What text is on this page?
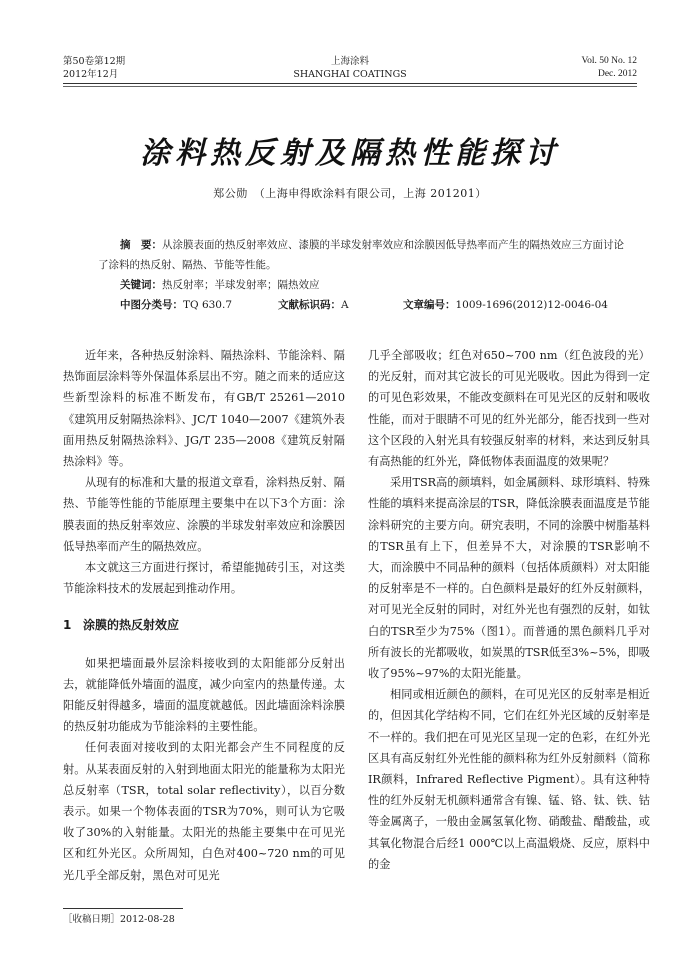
第50卷第12期
2012年12月
上海涂料
SHANGHAI COATINGS
Vol. 50 No. 12
Dec. 2012
涂料热反射及隔热性能探讨
郑公勋　（上海申得欧涂料有限公司，上海 201201）

摘　要：从涂膜表面的热反射率效应、漆膜的半球发射率效应和涂膜因低导热率而产生的隔热效应三方面讨论了涂料的热反射、隔热、节能等性能。

关键词：热反射率；半球发射率；隔热效应

中图分类号：TQ 630.7	文献标识码：A	文章编号：1009-1696(2012)12-0046-04

近年来，各种热反射涂料、隔热涂料、节能涂料、隔热饰面层涂料等外保温体系层出不穷。随之而来的适应这些新型涂料的标准不断发布，有GB/T 25261—2010《建筑用反射隔热涂料》、JC/T 1040—2007《建筑外表面用热反射隔热涂料》、JG/T 235—2008《建筑反射隔热涂料》等。

从现有的标准和大量的报道文章看，涂料热反射、隔热、节能等性能的节能原理主要集中在以下3个方面：涂膜表面的热反射率效应、涂膜的半球发射率效应和涂膜因低导热率而产生的隔热效应。

本文就这三方面进行探讨，希望能抛砖引玉，对这类节能涂料技术的发展起到推动作用。

1 涂膜的热反射效应

如果把墙面最外层涂料接收到的太阳能部分反射出去，就能降低外墙面的温度，减少向室内的热量传递。太阳能反射得越多，墙面的温度就越低。因此墙面涂料涂膜的热反射功能成为节能涂料的主要性能。

任何表面对接收到的太阳光都会产生不同程度的反射。从某表面反射的入射到地面太阳光的能量称为太阳光总反射率（TSR，total solar reflectivity），以百分数表示。如果一个物体表面的TSR为70%，则可认为它吸收了30%的入射能量。太阳光的热能主要集中在可见光区和红外光区。众所周知，白色对400~720 nm的可见光几乎全部反射，黑色对可见光

几乎全部吸收；红色对650~700 nm（红色波段的光）的光反射，而对其它波长的可见光吸收。因此为得到一定的可见色彩效果，不能改变颜料在可见光区的反射和吸收性能，而对于眼睛不可见的红外光部分，能否找到一些对这个区段的入射光具有较强反射率的材料，来达到反射具有高热能的红外光，降低物体表面温度的效果呢？

采用TSR高的颜填料，如金属颜料、球形填料、特殊性能的填料来提高涂层的TSR，降低涂膜表面温度是节能涂料研究的主要方向。研究表明，不同的涂膜中树脂基料的TSR虽有上下，但差异不大，对涂膜的TSR影响不大，而涂膜中不同品种的颜料（包括体质颜料）对太阳能的反射率是不一样的。白色颜料是最好的红外反射颜料，对可见光全反射的同时，对红外光也有强烈的反射，如钛白的TSR至少为75%（图1）。而普通的黑色颜料几乎对所有波长的光都吸收，如炭黑的TSR低至3%~5%，即吸收了95%~97%的太阳光能量。

相同或相近颜色的颜料，在可见光区的反射率是相近的，但因其化学结构不同，它们在红外光区域的反射率是不一样的。我们把在可见光区呈现一定的色彩，在红外光区具有高反射红外光性能的颜料称为红外反射颜料（简称IR颜料，Infrared Reflective Pigment）。具有这种特性的红外反射无机颜料通常含有镍、锰、铬、钛、铁、钴等金属离子，一般由金属氢氧化物、硝酸盐、醋酸盐，或其氧化物混合后经1 000℃以上高温煅烧、反应，原料中的金

［收稿日期］2012-08-28
